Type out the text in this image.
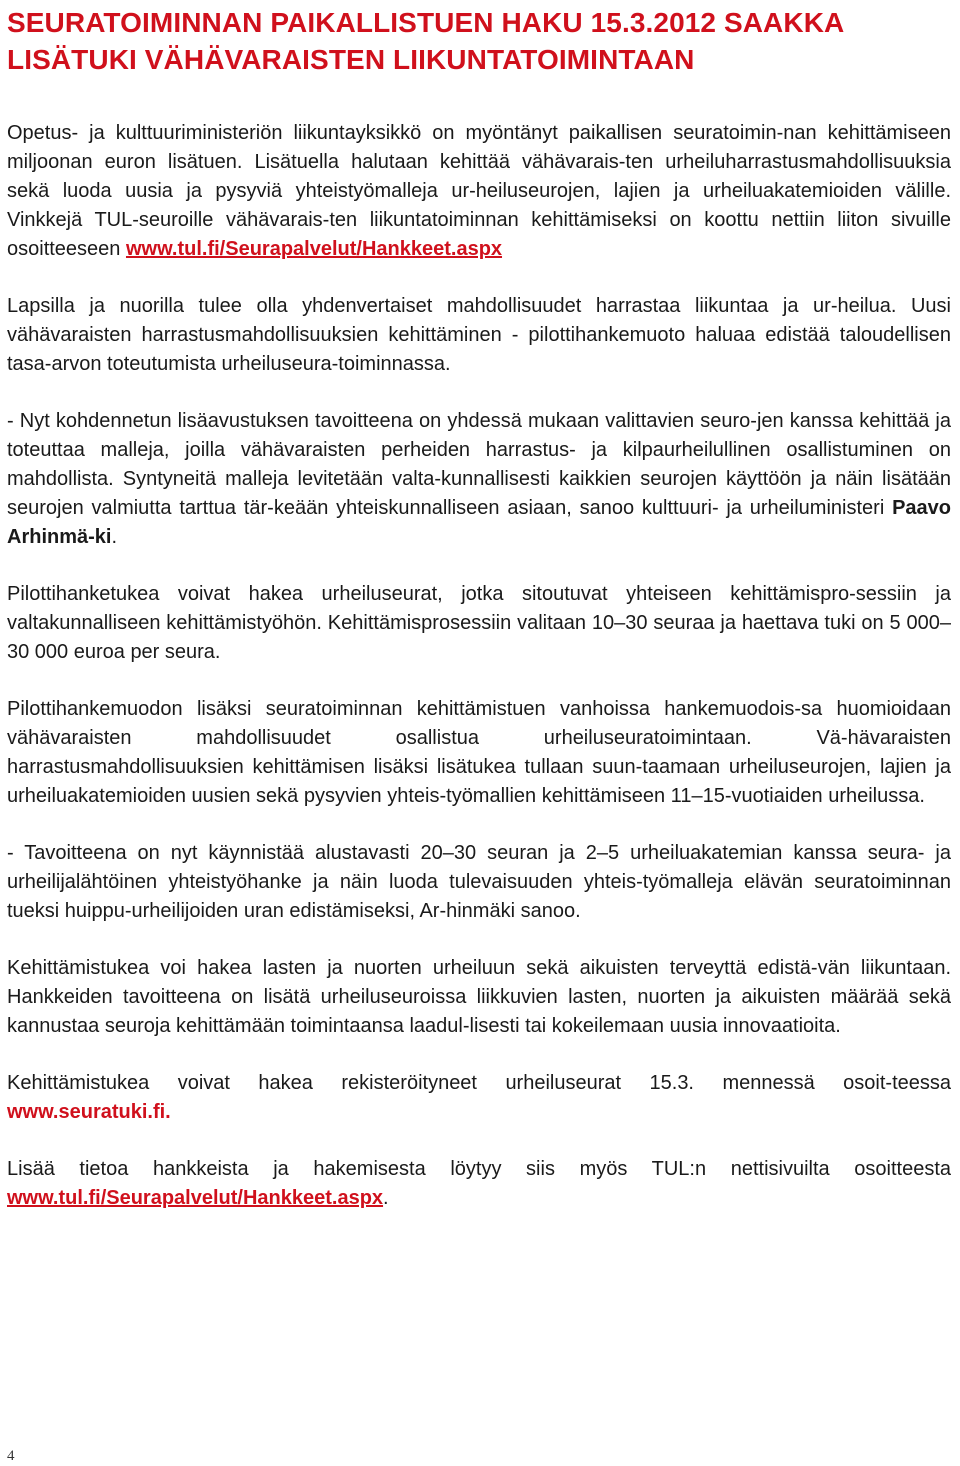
SEURATOIMINNAN PAIKALLISTUEN HAKU 15.3.2012 SAAKKA
LISÄTUKI VÄHÄVARAISTEN LIIKUNTATOIMINTAAN

Opetus- ja kulttuuriministeriön liikuntayksikkö on myöntänyt paikallisen seuratoimin-nan kehittämiseen miljoonan euron lisätuen. Lisätuella halutaan kehittää vähävarais-ten urheiluharrastusmahdollisuuksia sekä luoda uusia ja pysyviä yhteistyömalleja ur-heiluseurojen, lajien ja urheiluakatemioiden välille. Vinkkejä TUL-seuroille vähävarais-ten liikuntatoiminnan kehittämiseksi on koottu nettiin liiton sivuille osoitteeseen www.tul.fi/Seurapalvelut/Hankkeet.aspx

Lapsilla ja nuorilla tulee olla yhdenvertaiset mahdollisuudet harrastaa liikuntaa ja ur-heilua. Uusi vähävaraisten harrastusmahdollisuuksien kehittäminen - pilottihankemuoto haluaa edistää taloudellisen tasa-arvon toteutumista urheiluseura-toiminnassa.

- Nyt kohdennetun lisäavustuksen tavoitteena on yhdessä mukaan valittavien seuro-jen kanssa kehittää ja toteuttaa malleja, joilla vähävaraisten perheiden harrastus- ja kilpaurheilullinen osallistuminen on mahdollista. Syntyneitä malleja levitetään valta-kunnallisesti kaikkien seurojen käyttöön ja näin lisätään seurojen valmiutta tarttua tär-keään yhteiskunnalliseen asiaan, sanoo kulttuuri- ja urheiluministeri Paavo Arhinmä-ki.

Pilottihanketukea voivat hakea urheiluseurat, jotka sitoutuvat yhteiseen kehittämispro-sessiin ja valtakunnalliseen kehittämistyöhön. Kehittämisprosessiin valitaan 10–30 seuraa ja haettava tuki on 5 000–30 000 euroa per seura.

Pilottihankemuodon lisäksi seuratoiminnan kehittämistuen vanhoissa hankemuodois-sa huomioidaan vähävaraisten mahdollisuudet osallistua urheiluseuratoimintaan. Vä-hävaraisten harrastusmahdollisuuksien kehittämisen lisäksi lisätukea tullaan suun-taamaan urheiluseurojen, lajien ja urheiluakatemioiden uusien sekä pysyvien yhteis-työmallien kehittämiseen 11–15-vuotiaiden urheilussa.

- Tavoitteena on nyt käynnistää alustavasti 20–30 seuran ja 2–5 urheiluakatemian kanssa seura- ja urheilijalähtöinen yhteistyöhanke ja näin luoda tulevaisuuden yhteis-työmalleja elävän seuratoiminnan tueksi huippu-urheilijoiden uran edistämiseksi, Ar-hinmäki sanoo.

Kehittämistukea voi hakea lasten ja nuorten urheiluun sekä aikuisten terveyttä edistä-vän liikuntaan. Hankkeiden tavoitteena on lisätä urheiluseuroissa liikkuvien lasten, nuorten ja aikuisten määrää sekä kannustaa seuroja kehittämään toimintaansa laadul-lisesti tai kokeilemaan uusia innovaatioita.

Kehittämistukea voivat hakea rekisteröityneet urheiluseurat 15.3. mennessä osoit-teessa www.seuratuki.fi.

Lisää tietoa hankkeista ja hakemisesta löytyy siis myös TUL:n nettisivuilta osoitteesta www.tul.fi/Seurapalvelut/Hankkeet.aspx.

4
